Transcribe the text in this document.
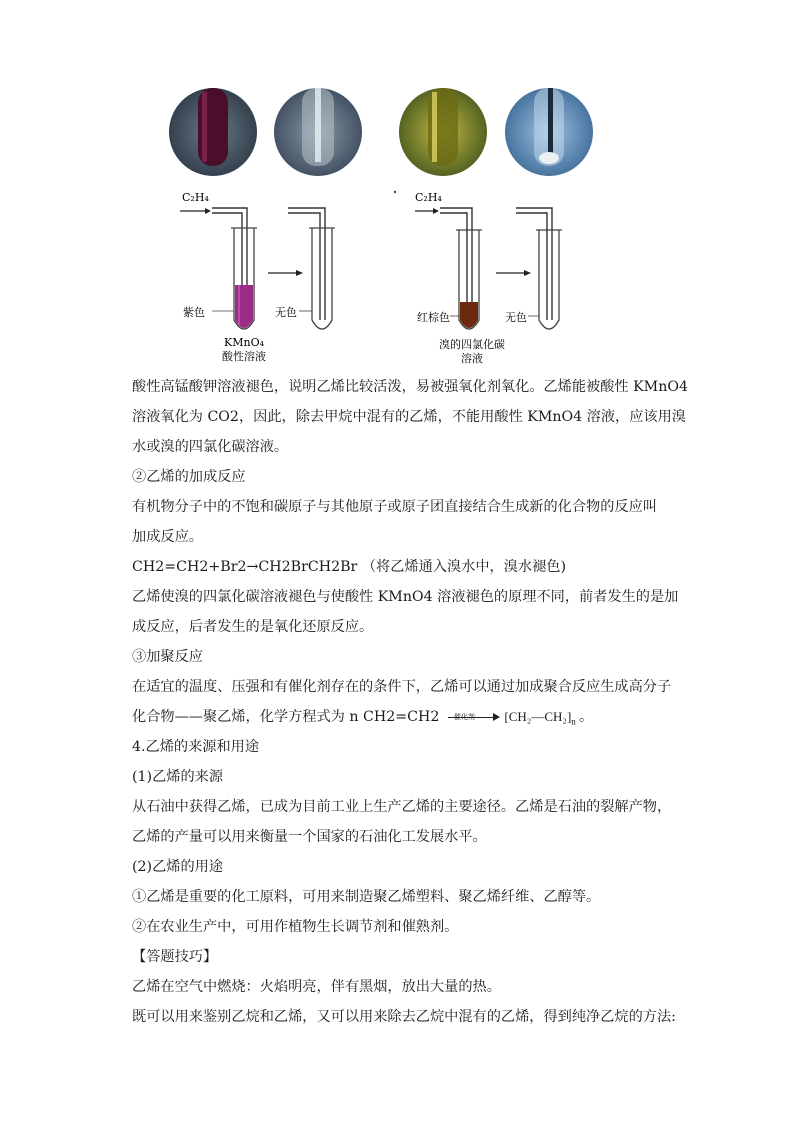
C₂H₄
紫色	无色
KMnO₄
酸性溶液
C₂H₄
红棕色	无色
溴的四氯化碳
溶液
酸性高锰酸钾溶液褪色，说明乙烯比较活泼，易被强氧化剂氧化。乙烯能被酸性 KMnO4
溶液氧化为 CO2，因此，除去甲烷中混有的乙烯，不能用酸性 KMnO4 溶液，应该用溴
水或溴的四氯化碳溶液。
②乙烯的加成反应
有机物分子中的不饱和碳原子与其他原子或原子团直接结合生成新的化合物的反应叫
加成反应。
CH2=CH2+Br2→CH2BrCH2Br （将乙烯通入溴水中，溴水褪色)
乙烯使溴的四氯化碳溶液褪色与使酸性 KMnO4 溶液褪色的原理不同，前者发生的是加
成反应，后者发生的是氧化还原反应。
③加聚反应
在适宜的温度、压强和有催化剂存在的条件下，乙烯可以通过加成聚合反应生成高分子
化合物——聚乙烯，化学方程式为 n CH2=CH2 催化剂 $[CH_2—CH_2]_n$ 。
4.乙烯的来源和用途
(1)乙烯的来源
从石油中获得乙烯，已成为目前工业上生产乙烯的主要途径。乙烯是石油的裂解产物，
乙烯的产量可以用来衡量一个国家的石油化工发展水平。
(2)乙烯的用途
①乙烯是重要的化工原料，可用来制造聚乙烯塑料、聚乙烯纤维、乙醇等。
②在农业生产中，可用作植物生长调节剂和催熟剂。
【答题技巧】
乙烯在空气中燃烧：火焰明亮，伴有黑烟，放出大量的热。
既可以用来鉴别乙烷和乙烯，又可以用来除去乙烷中混有的乙烯，得到纯净乙烷的方法:
